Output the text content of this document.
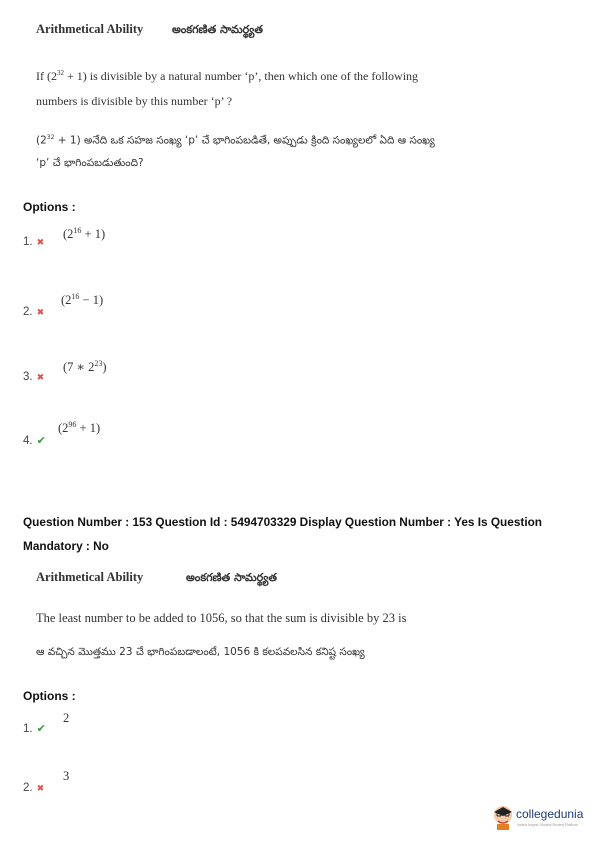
Arithmetical Ability	అంకగణిత సామర్థ్యత
If $(2^{32} + 1)$ is divisible by a natural number ‘p’, then which one of the following
numbers is divisible by this number ‘p’ ?
$(2^{32} + 1)$ అనేది ఒక సహజ సంఖ్య ‘p’ చే భాగింపబడితే, అప్పుడు క్రింది సంఖ్యలలో ఏది ఆ సంఖ్య
‘p’ చే భాగింపబడుతుంది?
Options :
$(2^{16} + 1)$
1. ✖
$(2^{16} - 1)$
2. ✖
(7 ∗ $2^{23}$)
3. ✖
$(2^{96} + 1)$
4. ✔
Question Number : 153 Question Id : 5494703329 Display Question Number : Yes Is Question
Mandatory : No
Arithmetical Ability	అంకగణిత సామర్థ్యత
The least number to be added to 1056, so that the sum is divisible by 23 is
ఆ వచ్చిన మొత్తము 23 చే భాగింపబడాలంటే, 1056 కి కలపవలసిన కనిష్ట సంఖ్య
Options :
2
1. ✔
3
2. ✖
collegedunia
India's largest Student Review Platform
